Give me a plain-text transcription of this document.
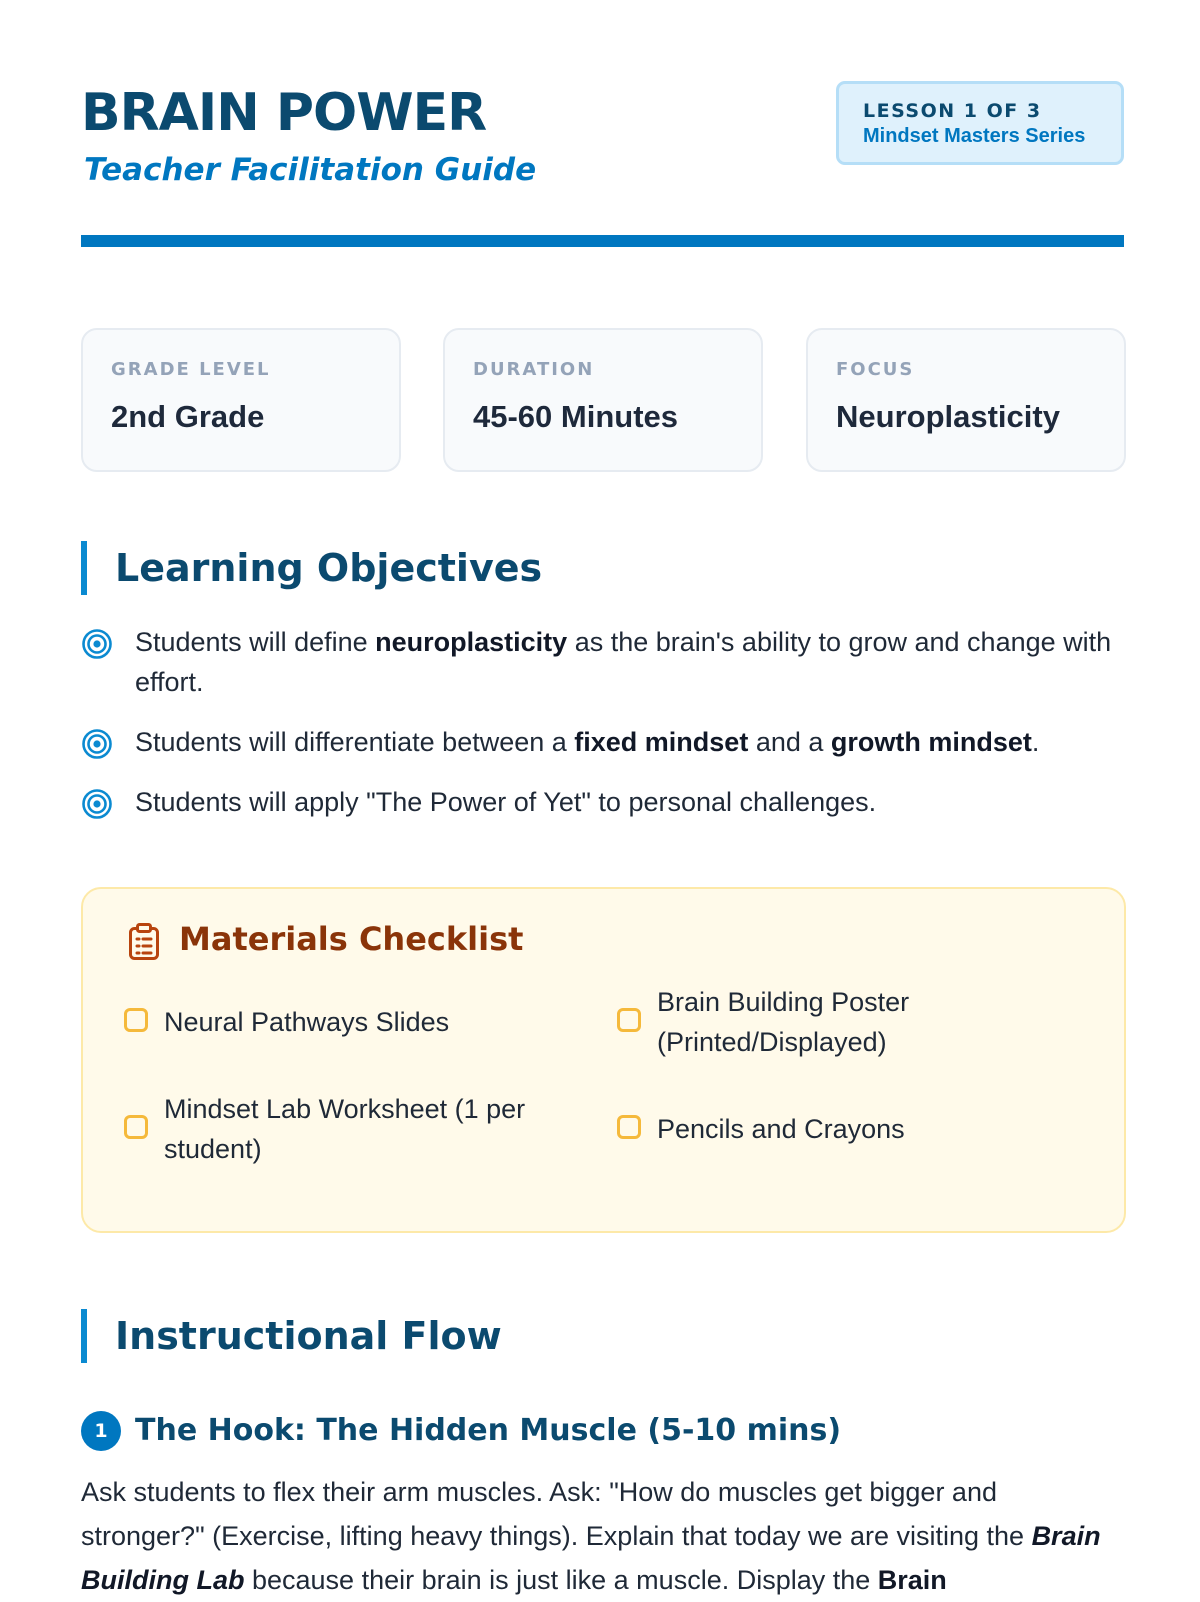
BRAIN POWER
Teacher Facilitation Guide
LESSON 1 OF 3
Mindset Masters Series
GRADE LEVEL
2nd Grade
DURATION
45-60 Minutes
FOCUS
Neuroplasticity
Learning Objectives
Students will define neuroplasticity as the brain's ability to grow and change with effort.
Students will differentiate between a fixed mindset and a growth mindset.
Students will apply "The Power of Yet" to personal challenges.
Materials Checklist
Neural Pathways Slides
Brain Building Poster (Printed/Displayed)
Mindset Lab Worksheet (1 per student)
Pencils and Crayons
Instructional Flow
1 The Hook: The Hidden Muscle (5-10 mins)
Ask students to flex their arm muscles. Ask: "How do muscles get bigger and stronger?" (Exercise, lifting heavy things). Explain that today we are visiting the Brain Building Lab because their brain is just like a muscle. Display the Brain
